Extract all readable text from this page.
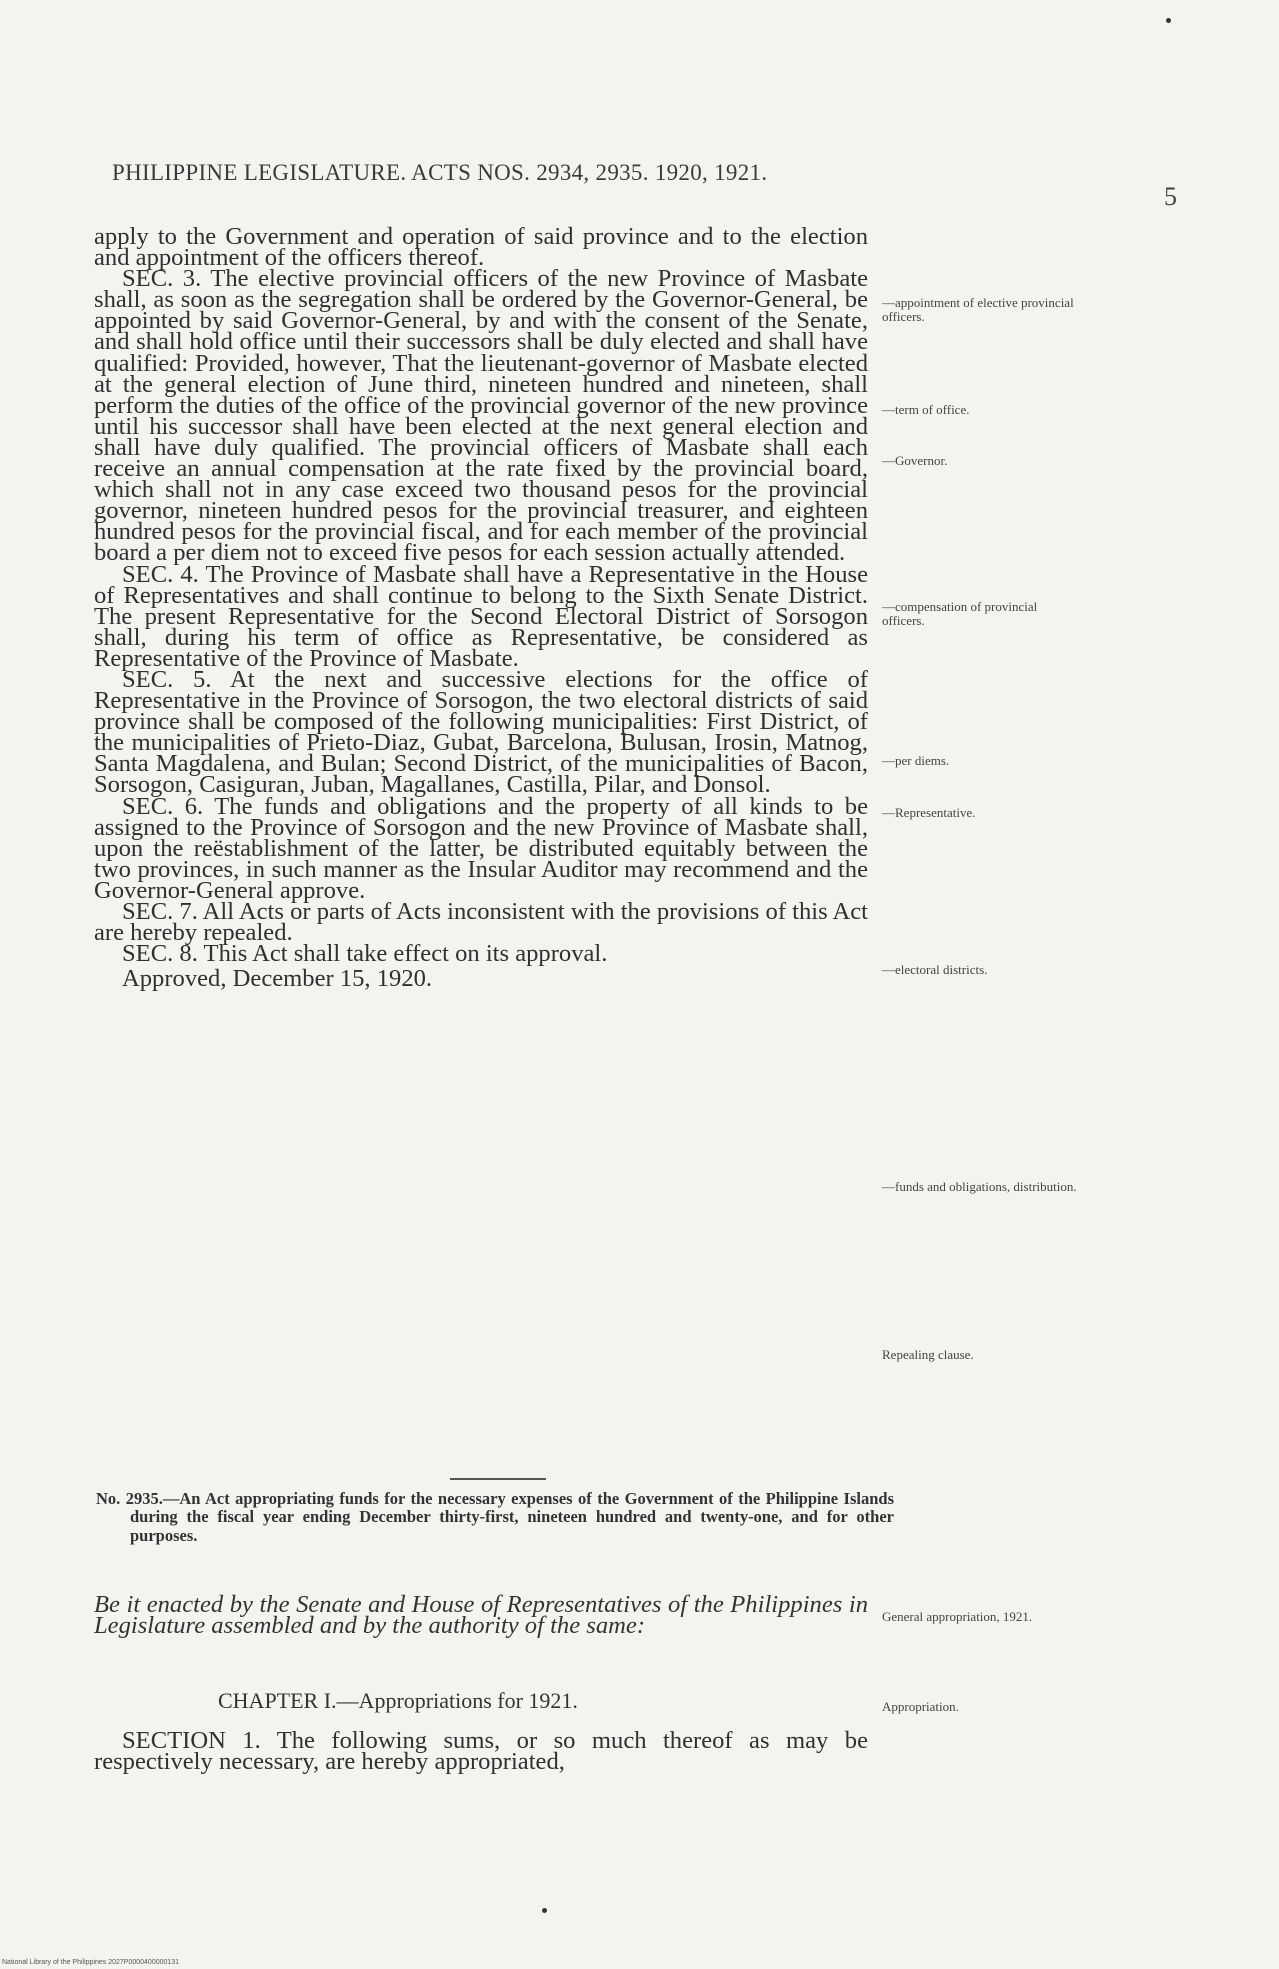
PHILIPPINE LEGISLATURE. ACTS NOS. 2934, 2935. 1920, 1921.
5

apply to the Government and operation of said province and to the election and appointment of the officers thereof.

SEC. 3. The elective provincial officers of the new Province of Masbate shall, as soon as the segregation shall be ordered by the Governor-General, be appointed by said Governor-General, by and with the consent of the Senate, and shall hold office until their successors shall be duly elected and shall have qualified: Provided, however, That the lieutenant-governor of Masbate elected at the general election of June third, nineteen hundred and nineteen, shall perform the duties of the office of the provincial governor of the new province until his successor shall have been elected at the next general election and shall have duly qualified. The provincial officers of Masbate shall each receive an annual compensation at the rate fixed by the provincial board, which shall not in any case exceed two thousand pesos for the provincial governor, nineteen hundred pesos for the provincial treasurer, and eighteen hundred pesos for the provincial fiscal, and for each member of the provincial board a per diem not to exceed five pesos for each session actually attended.

SEC. 4. The Province of Masbate shall have a Representative in the House of Representatives and shall continue to belong to the Sixth Senate District. The present Representative for the Second Electoral District of Sorsogon shall, during his term of office as Representative, be considered as Representative of the Province of Masbate.

SEC. 5. At the next and successive elections for the office of Representative in the Province of Sorsogon, the two electoral districts of said province shall be composed of the following municipalities: First District, of the municipalities of Prieto-Diaz, Gubat, Barcelona, Bulusan, Irosin, Matnog, Santa Magdalena, and Bulan; Second District, of the municipalities of Bacon, Sorsogon, Casiguran, Juban, Magallanes, Castilla, Pilar, and Donsol.

SEC. 6. The funds and obligations and the property of all kinds to be assigned to the Province of Sorsogon and the new Province of Masbate shall, upon the reëstablishment of the latter, be distributed equitably between the two provinces, in such manner as the Insular Auditor may recommend and the Governor-General approve.

SEC. 7. All Acts or parts of Acts inconsistent with the provisions of this Act are hereby repealed.

SEC. 8. This Act shall take effect on its approval.

Approved, December 15, 1920.

—appointment of elective provincial officers.
—term of office.
—Governor.
—compensation of provincial officers.
—per diems.
—Representative.
—electoral districts.
—funds and obligations, distribution.
Repealing clause.
General appropriation, 1921.
Appropriation.
No. 2935.—An Act appropriating funds for the necessary expenses of the Government of the Philippine Islands during the fiscal year ending December thirty-first, nineteen hundred and twenty-one, and for other purposes.
Be it enacted by the Senate and House of Representatives of the Philippines in Legislature assembled and by the authority of the same:
CHAPTER I.—Appropriations for 1921.
SECTION 1. The following sums, or so much thereof as may be respectively necessary, are hereby appropriated,
National Library of the Philippines 2027P0000400000131
